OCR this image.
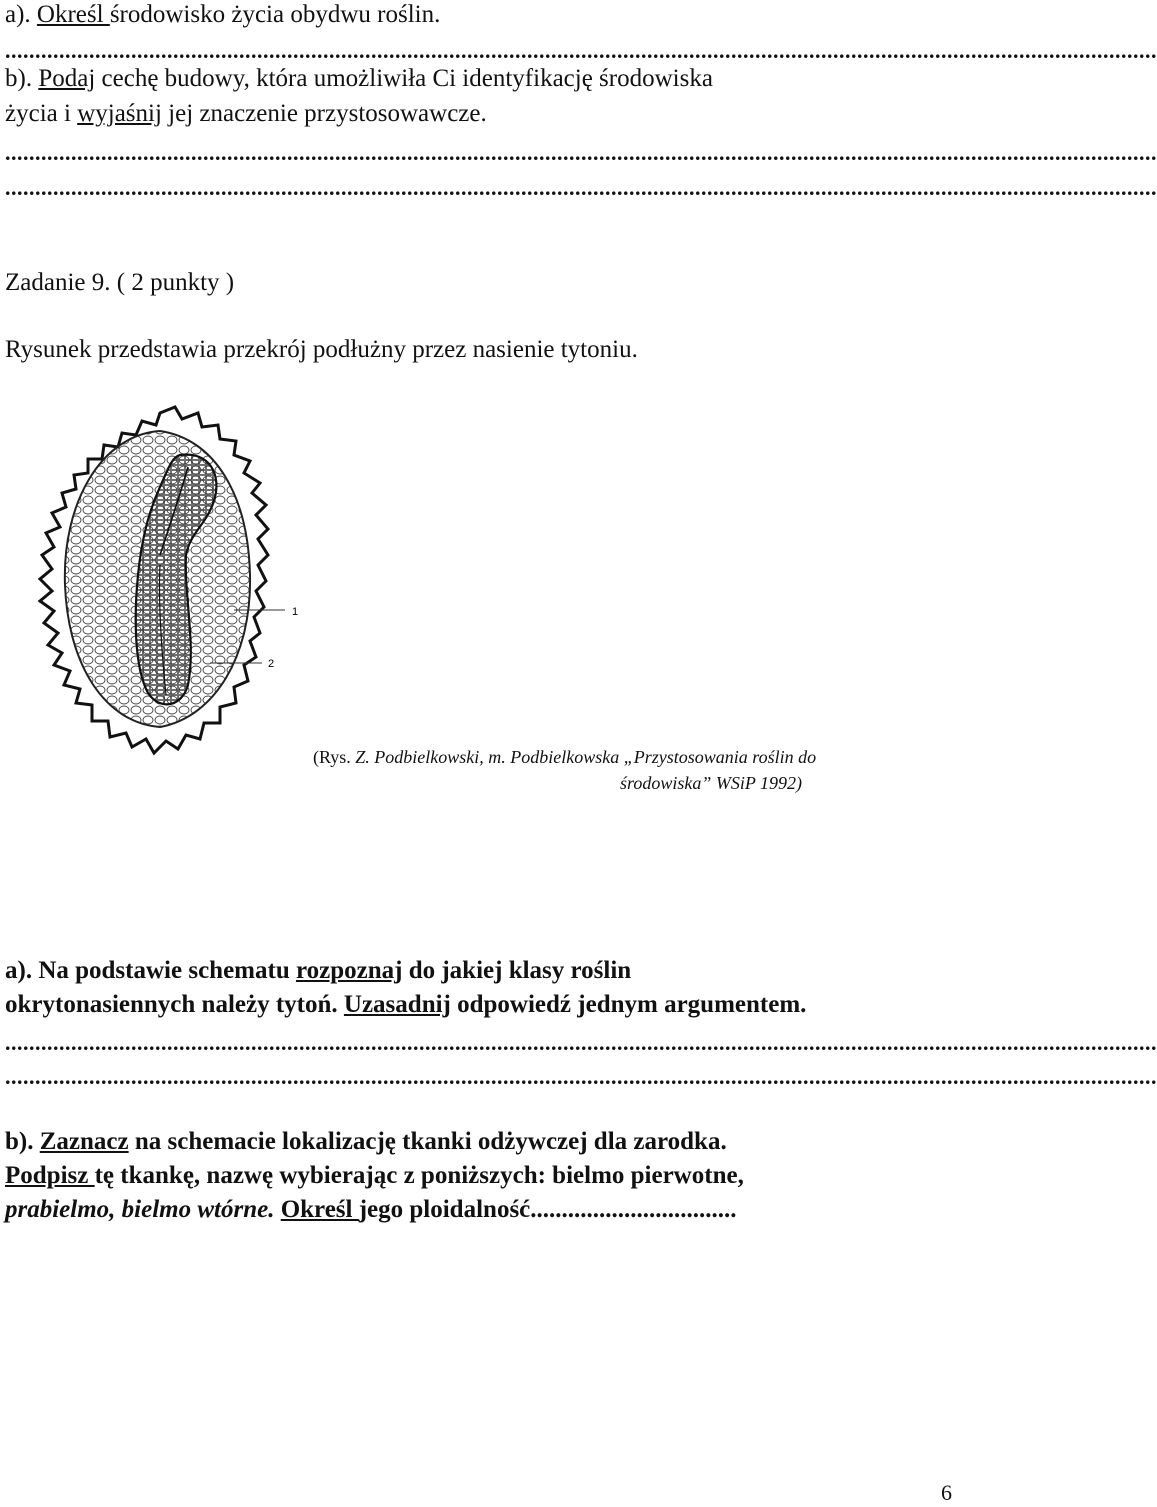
a). Określ środowisko życia obydwu roślin.
................................................................................................................................................................................................
b). Podaj cechę budowy, która umożliwiła Ci identyfikację środowiska
życia i wyjaśnij jej znaczenie przystosowawcze.
................................................................................................................................................................................................
................................................................................................................................................................................................
Zadanie 9. ( 2 punkty )
Rysunek przedstawia przekrój podłużny przez nasienie tytoniu.
1
2
(Rys. Z. Podbielkowski, m. Podbielkowska „Przystosowania roślin do
środowiska” WSiP 1992)
a). Na podstawie schematu rozpoznaj do jakiej klasy roślin
okrytonasiennych należy tytoń. Uzasadnij odpowiedź jednym argumentem.
................................................................................................................................................................................................
................................................................................................................................................................................................
b). Zaznacz na schemacie lokalizację tkanki odżywczej dla zarodka.
Podpisz tę tkankę, nazwę wybierając z poniższych: bielmo pierwotne,
prabielmo, bielmo wtórne. Określ jego ploidalność.................................
6
